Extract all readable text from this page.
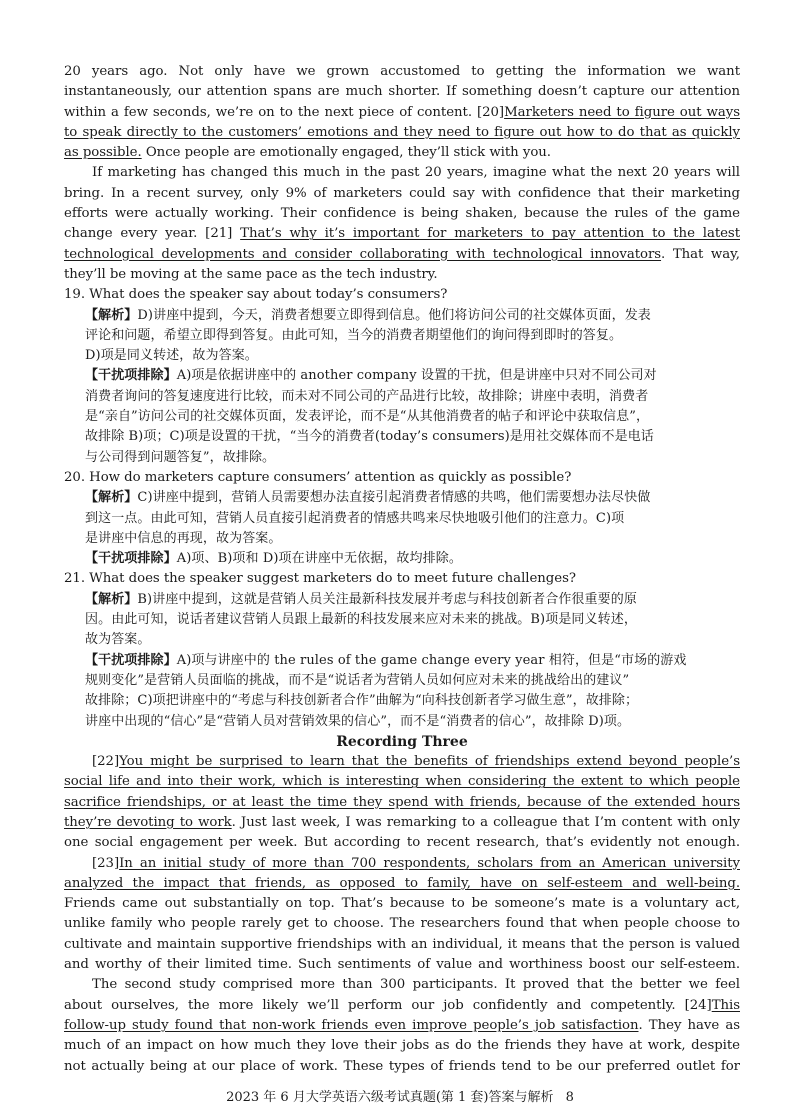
20 years ago. Not only have we grown accustomed to getting the information we want
instantaneously, our attention spans are much shorter. If something doesn’t capture our attention
within a few seconds, we’re on to the next piece of content. [20]Marketers need to figure out ways
to speak directly to the customers’ emotions and they need to figure out how to do that as quickly
as possible. Once people are emotionally engaged, they’ll stick with you.
If marketing has changed this much in the past 20 years, imagine what the next 20 years will
bring. In a recent survey, only 9% of marketers could say with confidence that their marketing
efforts were actually working. Their confidence is being shaken, because the rules of the game
change every year. [21] That’s why it’s important for marketers to pay attention to the latest
technological developments and consider collaborating with technological innovators. That way,
they’ll be moving at the same pace as the tech industry.
19. What does the speaker say about today’s consumers?
【解析】D)讲座中提到，今天，消费者想要立即得到信息。他们将访问公司的社交媒体页面，发表
评论和问题，希望立即得到答复。由此可知，当今的消费者期望他们的询问得到即时的答复。
D)项是同义转述，故为答案。
【干扰项排除】A)项是依据讲座中的 another company 设置的干扰，但是讲座中只对不同公司对
消费者询问的答复速度进行比较，而未对不同公司的产品进行比较，故排除；讲座中表明，消费者
是“亲自”访问公司的社交媒体页面，发表评论，而不是“从其他消费者的帖子和评论中获取信息”，
故排除 B)项；C)项是设置的干扰，“当今的消费者(today’s consumers)是用社交媒体而不是电话
与公司得到问题答复”，故排除。
20. How do marketers capture consumers’ attention as quickly as possible?
【解析】C)讲座中提到，营销人员需要想办法直接引起消费者情感的共鸣，他们需要想办法尽快做
到这一点。由此可知，营销人员直接引起消费者的情感共鸣来尽快地吸引他们的注意力。C)项
是讲座中信息的再现，故为答案。
【干扰项排除】A)项、B)项和 D)项在讲座中无依据，故均排除。
21. What does the speaker suggest marketers do to meet future challenges?
【解析】B)讲座中提到，这就是营销人员关注最新科技发展并考虑与科技创新者合作很重要的原
因。由此可知，说话者建议营销人员跟上最新的科技发展来应对未来的挑战。B)项是同义转述，
故为答案。
【干扰项排除】A)项与讲座中的 the rules of the game change every year 相符，但是“市场的游戏
规则变化”是营销人员面临的挑战，而不是“说话者为营销人员如何应对未来的挑战给出的建议”
故排除；C)项把讲座中的“考虑与科技创新者合作”曲解为“向科技创新者学习做生意”，故排除；
讲座中出现的“信心”是“营销人员对营销效果的信心”，而不是“消费者的信心”，故排除 D)项。
Recording Three
[22]You might be surprised to learn that the benefits of friendships extend beyond people’s
social life and into their work, which is interesting when considering the extent to which people
sacrifice friendships, or at least the time they spend with friends, because of the extended hours
they’re devoting to work. Just last week, I was remarking to a colleague that I’m content with only
one social engagement per week. But according to recent research, that’s evidently not enough.
[23]In an initial study of more than 700 respondents, scholars from an American university
analyzed the impact that friends, as opposed to family, have on self-esteem and well-being.
Friends came out substantially on top. That’s because to be someone’s mate is a voluntary act,
unlike family who people rarely get to choose. The researchers found that when people choose to
cultivate and maintain supportive friendships with an individual, it means that the person is valued
and worthy of their limited time. Such sentiments of value and worthiness boost our self-esteem.
The second study comprised more than 300 participants. It proved that the better we feel
about ourselves, the more likely we’ll perform our job confidently and competently. [24]This
follow-up study found that non-work friends even improve people’s job satisfaction. They have as
much of an impact on how much they love their jobs as do the friends they have at work, despite
not actually being at our place of work. These types of friends tend to be our preferred outlet for
2023 年 6 月大学英语六级考试真题(第 1 套)答案与解析 8
